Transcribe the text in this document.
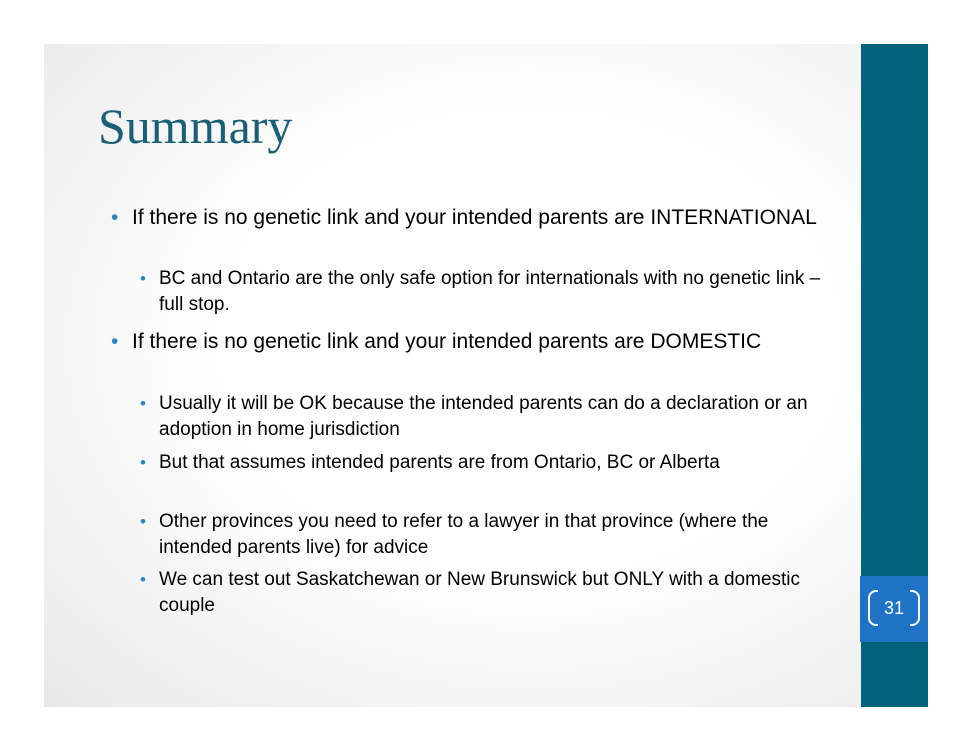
Summary
• If there is no genetic link and your intended parents are INTERNATIONAL
• BC and Ontario are the only safe option for internationals with no genetic link – full stop.
• If there is no genetic link and your intended parents are DOMESTIC
• Usually it will be OK because the intended parents can do a declaration or an adoption in home jurisdiction
• But that assumes intended parents are from Ontario, BC or Alberta
• Other provinces you need to refer to a lawyer in that province (where the intended parents live) for advice
• We can test out Saskatchewan or New Brunswick but ONLY with a domestic couple	31
